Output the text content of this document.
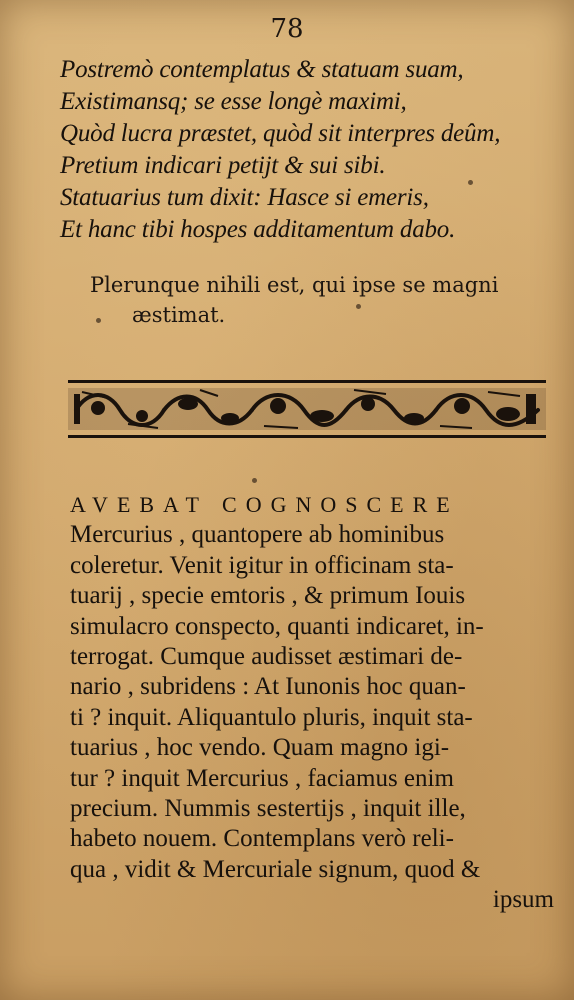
78
Postremò contemplatus & statuam suam,
Existimansq; se esse longè maximi,
Quòd lucra præstet, quòd sit interpres deûm,
Pretium indicari petijt & sui sibi.
Statuarius tum dixit: Hasce si emeris,
Et hanc tibi hospes additamentum dabo.
Plerunque nihili est, qui ipse se magni
æstimat.
AVEBAT COGNOSCERE
Mercurius , quantopere ab hominibus
coleretur. Venit igitur in officinam sta-
tuarij , specie emtoris , & primum Iouis
simulacro conspecto, quanti indicaret, in-
terrogat. Cumque audisset æstimari de-
nario , subridens : At Iunonis hoc quan-
ti ? inquit. Aliquantulo pluris, inquit sta-
tuarius , hoc vendo. Quam magno igi-
tur ? inquit Mercurius , faciamus enim
precium. Nummis sestertijs , inquit ille,
habeto nouem. Contemplans verò reli-
qua , vidit & Mercuriale signum, quod &
ipsum
